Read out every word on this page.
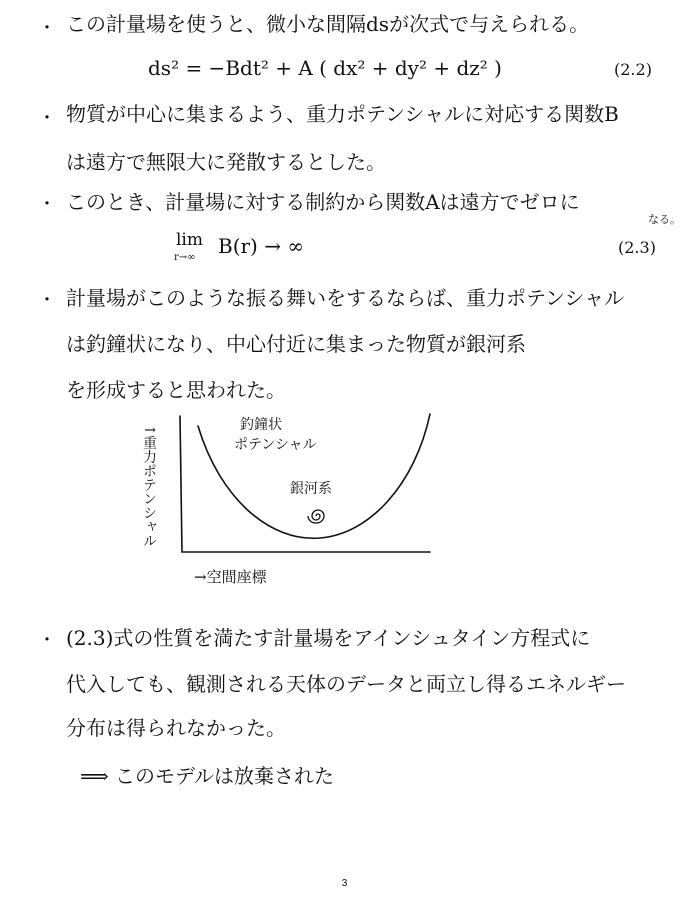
・ この計量場を使うと、微小な間隔dsが次式で与えられる。
ds² = −Bdt² + A ( dx² + dy² + dz² )	(2.2)
・ 物質が中心に集まるよう、重力ポテンシャルに対応する関数B
は遠方で無限大に発散するとした。
・ このとき、計量場に対する制約から関数Aは遠方でゼロに
なる。
lim
r→∞ B(r) → ∞	(2.3)
・ 計量場がこのような振る舞いをするならば、重力ポテンシャル
は釣鐘状になり、中心付近に集まった物質が銀河系
を形成すると思われた。
↑重力ポテンシャル
→空間座標
釣鐘状
ポテンシャル
銀河系
・ (2.3)式の性質を満たす計量場をアインシュタイン方程式に
代入しても、観測される天体のデータと両立し得るエネルギー
分布は得られなかった。
⟹ このモデルは放棄された
3
